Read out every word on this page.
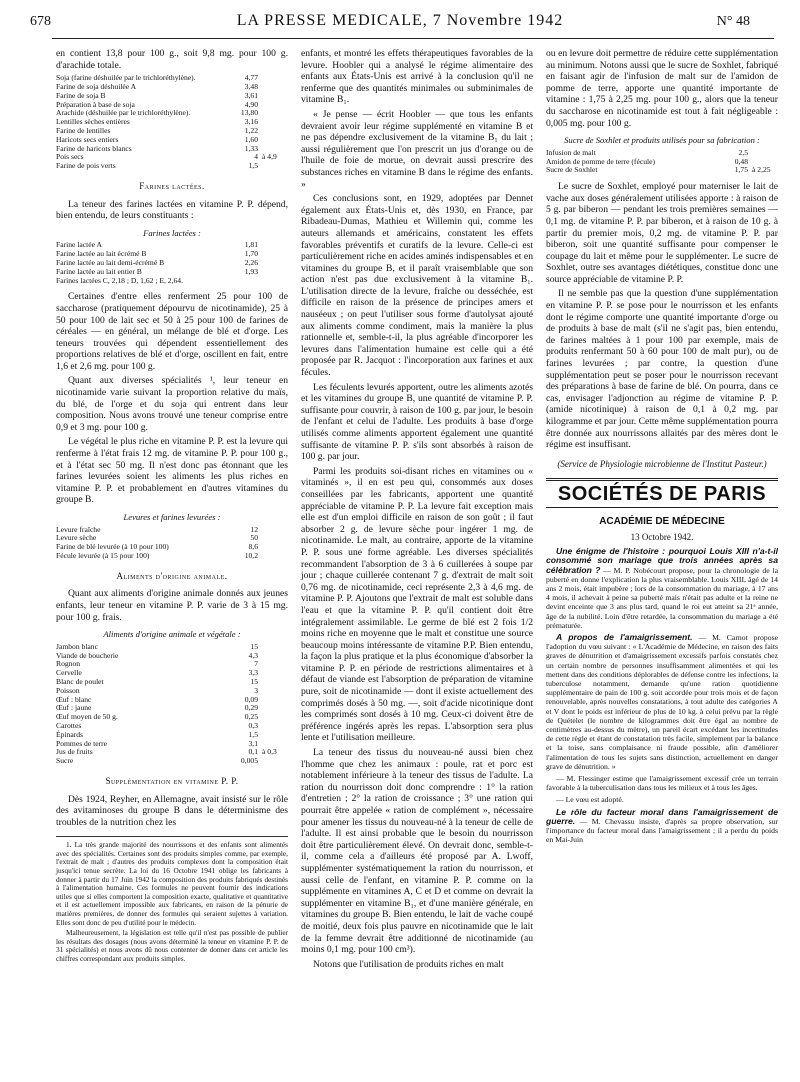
678	LA PRESSE MEDICALE, 7 Novembre 1942	N° 48

en contient 13,8 pour 100 g., soit 9,8 mg. pour 100 g. d'arachide totale.

Soja (farine déshuilée par le trichloréthylène).	4,77	
Farine de soja déshuilée A	3,48	
Farine de soja B	3,61	
Préparation à base de soja	4,90	
Arachide (déshuilée par le trichloréthylène).	13,80	
Lentilles sèches entières	3,16	
Farine de lentilles	1,22	
Haricots secs entiers	1,60	
Farine de haricots blancs	1,33	
Pois secs	4	à 4,9
Farine de pois verts	1,5	
Farines lactées.

La teneur des farines lactées en vitamine P. P. dépend, bien entendu, de leurs constituants :

Farines lactées :
Farine lactée A	1,81	
Farine lactée au lait écrémé B	1,70	
Farine lactée au lait demi-écrémé B	2,26	
Farine lactée au lait entier B	1,93	
Farines lactées C, 2,18 ; D, 1,62 ; E, 2,64.		

Certaines d'entre elles renferment 25 pour 100 de saccharose (pratiquement dépourvu de nicotinamide), 25 à 50 pour 100 de lait sec et 50 à 25 pour 100 de farines de céréales — en général, un mélange de blé et d'orge. Les teneurs trouvées qui dépendent essentiellement des proportions relatives de blé et d'orge, oscillent en fait, entre 1,6 et 2,6 mg. pour 100 g.

Quant aux diverses spécialités ¹, leur teneur en nicotinamide varie suivant la proportion relative du maïs, du blé, de l'orge et du soja qui entrent dans leur composition. Nous avons trouvé une teneur comprise entre 0,9 et 3 mg. pour 100 g.

Le végétal le plus riche en vitamine P. P. est la levure qui renferme à l'état frais 12 mg. de vitamine P. P. pour 100 g., et à l'état sec 50 mg. Il n'est donc pas étonnant que les farines levurées soient les aliments les plus riches en vitamine P. P. et probablement en d'autres vitamines du groupe B.

Levures et farines levurées :
Levure fraîche	12	
Levure sèche	50	
Farine de blé levurée (à 10 pour 100)	8,6	
Fécule levurée (à 15 pour 100)	10,2	
Aliments d'origine animale.

Quant aux aliments d'origine animale donnés aux jeunes enfants, leur teneur en vitamine P. P. varie de 3 à 15 mg. pour 100 g. frais.

Aliments d'origine animale et végétale :
Jambon blanc	15	
Viande de boucherie	4,3	
Rognon	7	
Cervelle	3,3	
Blanc de poulet	15	
Poisson	3	
Œuf : blanc	0,09	
Œuf : jaune	0,29	
Œuf moyen de 50 g.	0,25	
Carottes	0,3	
Épinards	1,5	
Pommes de terre	3,1	
Jus de fruits	0,1	à 0,3
Sucre	0,005	
Supplémentation en vitamine P. P.

Dès 1924, Reyher, en Allemagne, avait insisté sur le rôle des avitaminoses du groupe B dans le déterminisme des troubles de la nutrition chez les

1. La très grande majorité des nourrissons et des enfants sont alimentés avec des spécialités. Certaines sont des produits simples comme, par exemple, l'extrait de malt ; d'autres des produits complexes dont la composition était jusqu'ici tenue secrète. La loi du 16 Octobre 1941 oblige les fabricants à donner à partir du 17 Juin 1942 la composition des produits fabriqués destinés à l'alimentation humaine. Ces formules ne peuvent fournir des indications utiles que si elles comportent la composition exacte, qualitative et quantitative et il est actuellement impossible aux fabricants, en raison de la pénurie de matières premières, de donner des formules qui seraient sujettes à variation. Elles sont donc de peu d'utilité pour le médecin.

Malheureusement, la législation est telle qu'il n'est pas possible de publier les résultats des dosages (nous avons déterminé la teneur en vitamine P. P. de 31 spécialités) et nous avons dû nous contenter de donner dans cet article les chiffres correspondant aux produits simples.

enfants, et montré les effets thérapeutiques favorables de la levure. Hoobler qui a analysé le régime alimentaire des enfants aux États-Unis est arrivé à la conclusion qu'il ne renferme que des quantités minimales ou subminimales de vitamine B₁.

« Je pense — écrit Hoobler — que tous les enfants devraient avoir leur régime supplémenté en vitamine B et ne pas dépendre exclusivement de la vitamine B₁ du lait ; aussi régulièrement que l'on prescrit un jus d'orange ou de l'huile de foie de morue, on devrait aussi prescrire des substances riches en vitamine B dans le régime des enfants. »

Ces conclusions sont, en 1929, adoptées par Dennet également aux États-Unis et, dès 1930, en France, par Ribadeau-Dumas, Mathieu et Willemin qui, comme les auteurs allemands et américains, constatent les effets favorables préventifs et curatifs de la levure. Celle-ci est particulièrement riche en acides aminés indispensables et en vitamines du groupe B, et il paraît vraisemblable que son action n'est pas due exclusivement à la vitamine B₁. L'utilisation directe de la levure, fraîche ou desséchée, est difficile en raison de la présence de principes amers et nauséeux ; on peut l'utiliser sous forme d'autolysat ajouté aux aliments comme condiment, mais la manière la plus rationnelle et, semble-t-il, la plus agréable d'incorporer les levures dans l'alimentation humaine est celle qui a été proposée par R. Jacquot : l'incorporation aux farines et aux fécules.

Les féculents levurés apportent, outre les aliments azotés et les vitamines du groupe B, une quantité de vitamine P. P. suffisante pour couvrir, à raison de 100 g. par jour, le besoin de l'enfant et celui de l'adulte. Les produits à base d'orge utilisés comme aliments apportent également une quantité suffisante de vitamine P. P. s'ils sont absorbés à raison de 100 g. par jour.

Parmi les produits soi-disant riches en vitamines ou « vitaminés », il en est peu qui, consommés aux doses conseillées par les fabricants, apportent une quantité appréciable de vitamine P. P. La levure fait exception mais elle est d'un emploi difficile en raison de son goût ; il faut absorber 2 g. de levure sèche pour ingérer 1 mg. de nicotinamide. Le malt, au contraire, apporte de la vitamine P. P. sous une forme agréable. Les diverses spécialités recommandent l'absorption de 3 à 6 cuillerées à soupe par jour ; chaque cuillerée contenant 7 g. d'extrait de malt soit 0,76 mg. de nicotinamide, ceci représente 2,3 à 4,6 mg. de vitamine P. P. Ajoutons que l'extrait de malt est soluble dans l'eau et que la vitamine P. P. qu'il contient doit être intégralement assimilable. Le germe de blé est 2 fois 1/2 moins riche en moyenne que le malt et constitue une source beaucoup moins intéressante de vitamine P.P. Bien entendu, la façon la plus pratique et la plus économique d'absorber la vitamine P. P. en période de restrictions alimentaires et à défaut de viande est l'absorption de préparation de vitamine pure, soit de nicotinamide — dont il existe actuellement des comprimés dosés à 50 mg. —, soit d'acide nicotinique dont les comprimés sont dosés à 10 mg. Ceux-ci doivent être de préférence ingérés après les repas. L'absorption sera plus lente et l'utilisation meilleure.

La teneur des tissus du nouveau-né aussi bien chez l'homme que chez les animaux : poule, rat et porc est notablement inférieure à la teneur des tissus de l'adulte. La ration du nourrisson doit donc comprendre : 1° la ration d'entretien ; 2° la ration de croissance ; 3° une ration qui pourrait être appelée « ration de complément », nécessaire pour amener les tissus du nouveau-né à la teneur de celle de l'adulte. Il est ainsi probable que le besoin du nourrisson doit être particulièrement élevé. On devrait donc, semble-t-il, comme cela a d'ailleurs été proposé par A. Lwoff, supplémenter systématiquement la ration du nourrisson, et aussi celle de l'enfant, en vitamine P. P. comme on la supplémente en vitamines A, C et D et comme on devrait la supplémenter en vitamine B₁, et d'une manière générale, en vitamines du groupe B. Bien entendu, le lait de vache coupé de moitié, deux fois plus pauvre en nicotinamide que le lait de la femme devrait être additionné de nicotinamide (au moins 0,1 mg. pour 100 cm³).

Notons que l'utilisation de produits riches en malt

ou en levure doit permettre de réduire cette supplémentation au minimum. Notons aussi que le sucre de Soxhlet, fabriqué en faisant agir de l'infusion de malt sur de l'amidon de pomme de terre, apporte une quantité importante de vitamine : 1,75 à 2,25 mg. pour 100 g., alors que la teneur du saccharose en nicotinamide est tout à fait négligeable : 0,005 mg. pour 100 g.

Sucre de Soxhlet et produits utilisés pour sa fabrication :
Infusion de malt	2,5	
Amidon de pomme de terre (fécule)	0,48	
Sucre de Soxhlet	1,75	à 2,25

Le sucre de Soxhlet, employé pour materniser le lait de vache aux doses généralement utilisées apporte : à raison de 5 g. par biberon — pendant les trois premières semaines — 0,1 mg. de vitamine P. P. par biberon, et à raison de 10 g. à partir du premier mois, 0,2 mg. de vitamine P. P. par biberon, soit une quantité suffisante pour compenser le coupage du lait et même pour le supplémenter. Le sucre de Soxhlet, outre ses avantages diététiques, constitue donc une source appréciable de vitamine P. P.

Il ne semble pas que la question d'une supplémentation en vitamine P. P. se pose pour le nourrisson et les enfants dont le régime comporte une quantité importante d'orge ou de produits à base de malt (s'il ne s'agit pas, bien entendu, de farines maltées à 1 pour 100 par exemple, mais de produits renfermant 50 à 60 pour 100 de malt pur), ou de farines levurées ; par contre, la question d'une supplémentation peut se poser pour le nourrisson recevant des préparations à base de farine de blé. On pourra, dans ce cas, envisager l'adjonction au régime de vitamine P. P. (amide nicotinique) à raison de 0,1 à 0,2 mg. par kilogramme et par jour. Cette même supplémentation pourra être donnée aux nourrissons allaités par des mères dont le régime est insuffisant.

(Service de Physiologie microbienne de l'Institut Pasteur.)
SOCIÉTÉS DE PARIS
ACADÉMIE DE MÉDECINE
13 Octobre 1942.

Une énigme de l'histoire : pourquoi Louis XIII n'a-t-il consommé son mariage que trois années après sa célébration ? — M. P. Nobécourt propose, pour la chronologie de la puberté en donne l'explication la plus vraisemblable. Louis XIII, âgé de 14 ans 2 mois, était impubère ; lors de la consommation du mariage, à 17 ans 4 mois, il achevait à peine sa puberté mais n'était pas adulte et la reine ne devint enceinte que 3 ans plus tard, quand le roi eut atteint sa 21ᵉ année, âge de la nubilité. Loin d'être retardée, la consommation du mariage a été prématurée.

A propos de l'amaigrissement. — M. Carnot propose l'adoption du vœu suivant : « L'Académie de Médecine, en raison des faits graves de dénutrition et d'amaigrissement excessifs parfois constatés chez un certain nombre de personnes insuffisamment alimentées et qui les mettent dans des conditions déplorables de défense contre les infections, la tuberculose notamment, demande qu'une ration quotidienne supplémentaire de pain de 100 g. soit accordée pour trois mois et de façon renouvelable, après nouvelles constatations, à tout adulte des catégories A et V dont le poids est inférieur de plus de 10 kg. à celui prévu par la règle de Quételet (le nombre de kilogrammes doit être égal au nombre de centimètres au-dessus du mètre), un pareil écart excédant les incertitudes de cette règle et étant de constatation très facile, simplement par la balance et la toise, sans complaisance ni fraude possible, afin d'améliorer l'alimentation de tous les sujets sans distinction, actuellement en danger grave de dénutrition. »

— M. Flessinger estime que l'amaigrissement excessif crée un terrain favorable à la tuberculisation dans tous les milieux et à tous les âges.

— Le vœu est adopté.

Le rôle du facteur moral dans l'amaigrissement de guerre. — M. Chevassu insiste, d'après sa propre observation, sur l'importance du facteur moral dans l'amaigrissement ; il a perdu du poids en Mai-Juin
